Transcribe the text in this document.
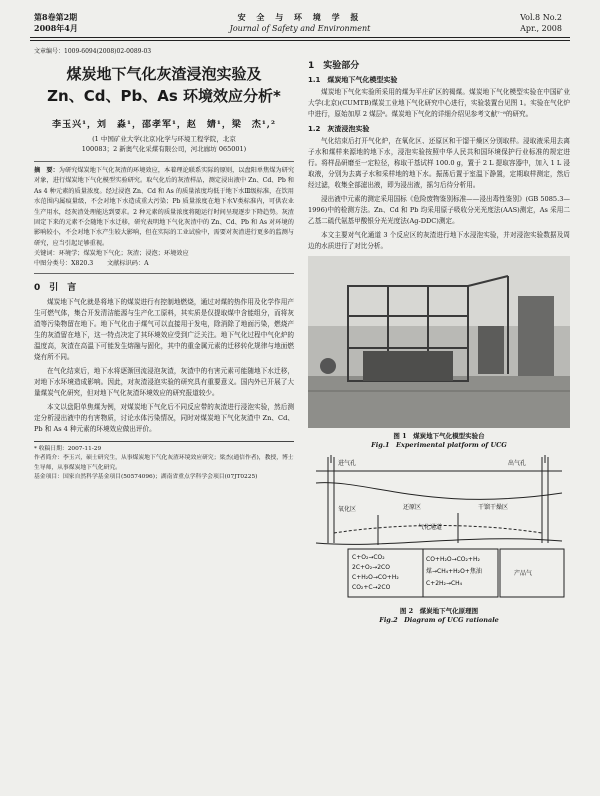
第8卷第2期
2008年4月
安 全 与 环 境 学 报
Journal of Safety and Environment
Vol.8 No.2
Apr., 2008
文章编号：1009-6094(2008)02-0089-03
煤炭地下气化灰渣浸泡实验及
Zn、Cd、Pb、As 环境效应分析*
李玉兴¹，刘　淼¹，邵孝军¹，赵　婧¹，梁　杰¹,²
(1 中国矿业大学(北京)化学与环境工程学院，北京
100083；2 新奥气化采煤有限公司，河北廊坊 065001)
摘　要：为研究煤炭地下气化灰渣的环境效应，本着理论联系实际的原则，以盘阳单焦煤为研究对象，进行煤炭地下气化模型实验研究。取气化后的灰渣样品，测定浸出液中 Zn、Cd、Pb 和 As 4 种元素的质量浓度。经过浸泡 Zn、Cd 和 As 的质量浓度均低于地下水Ⅲ级标准，在饮用水范围内属痕量级，不会对地下水造成重大污染；Pb 质量浓度在地下水Ⅴ类标准内，可供农业生产用水，经灰渣处理能达到要求。2 种元素的质量浓度将随运行时间呈现逐步下降趋势。灰渣固定下来的元素不会随地下水迁移，研究表明地下气化灰渣中的 Zn、Cd、Pb 和 As 对环境的影响较小，不会对地下水产生较大影响，但在实际的工业试验中，需要对灰渣进行更多的监测与研究，应当引起足够重视。
关键词：环境学；煤炭地下气化；灰渣；浸泡；环境效应
中图分类号：X820.3 文献标识码：A
0　引　言

煤炭地下气化就是将地下的煤炭进行有控制地燃烧，通过对煤的热作用及化学作用产生可燃气体，集合开发清洁能源与生产化工原料，其实质是仅提取煤中含能组分，而将灰渣等污染物留在地下。地下气化由于煤气可以直接用于发电，除消除了地面污染，燃烧产生的灰渣留在地下，这一特点决定了其环境效应受到广泛关注。地下气化过程中气化炉的温度高，灰渣在高温下可能发生熔融与固化，其中的重金属元素的迁移转化规律与地面燃烧有所不同。

在气化结束后，地下水将逐渐回流浸泡灰渣，灰渣中的有害元素可能随地下水迁移，对地下水环境造成影响。因此，对灰渣浸泡实验的研究具有重要意义。国内外已开展了大量煤炭气化研究，但对地下气化灰渣环境效应的研究报道较少。

本文以盘阳单焦煤为例，对煤炭地下气化后不同反应带的灰渣进行浸泡实验，然后测定分析浸出液中的有害物质，讨论水体污染情况，同时对煤炭地下气化灰渣中 Zn、Cd、Pb 和 As 4 种元素的环境效应做出评价。

* 收稿日期：2007-11-29
作者简介：李玉兴，硕士研究生，从事煤炭地下气化灰渣环境效应研究；梁杰(通信作者)，教授，博士生导师，从事煤炭地下气化研究。
基金项目：国家自然科学基金项目(50574096)；湖南省重点学科学会项目(07JT0225)
1　实验部分
1.1　煤炭地下气化模型实验

煤炭地下气化实验所采用的煤为平庄矿区的褐煤。煤炭地下气化模型实验在中国矿业大学(北京)(CUMTB)煤炭工业地下气化研究中心进行，实验装置台见图 1。实验在气化炉中进行，原始加厚 2 煤层⁶。煤炭地下气化的详细介绍见参考文献⁷⁻⁸的研究。

1.2　灰渣浸泡实验

气化结束后打开气化炉，在氧化区、还原区和干馏干燥区分别取样。浸取液采用去离子水和煤样来源地的地下水，浸泡实验按照中华人民共和国环境保护行业标准的规定进行。将样品研磨至一定粒径，称取干基试样 100.0 g，置于 2 L 提取容器中，加入 1 L 浸取液，分别为去离子水和采样地的地下水。振荡后置于室温下静置，定期取样测定，然后经过滤，收集全部滤出液，即为浸出液，摇匀后待分析用。

浸出液中元素的测定采用国标《危险废物鉴别标准——浸出毒性鉴别》(GB 5085.3—1996)中的检测方法。Zn、Cd 和 Pb 均采用原子吸收分光光度法(AAS)测定，As 采用二乙基二硫代氨基甲酸银分光光度法(Ag-DDC)测定。

本文主要对气化通道 3 个反应区的灰渣进行地下水浸泡实验，并对浸泡实验数据及周边的水质进行了对比分析。

图 1　煤炭地下气化模型实验台
Fig.1　Experimental platform of UCG
进气孔	出气孔
氧化区	还原区	干馏干燥区
气化通道
C+O₂→CO₂
2C+O₂→2CO
C+H₂O→CO+H₂
CO₂+C→2CO
CO+H₂O→CO₂+H₂
煤→CH₄+H₂O+焦油
C+2H₂→CH₄
产品气
图 2　煤炭地下气化原理图
Fig.2　Diagram of UCG rationale
